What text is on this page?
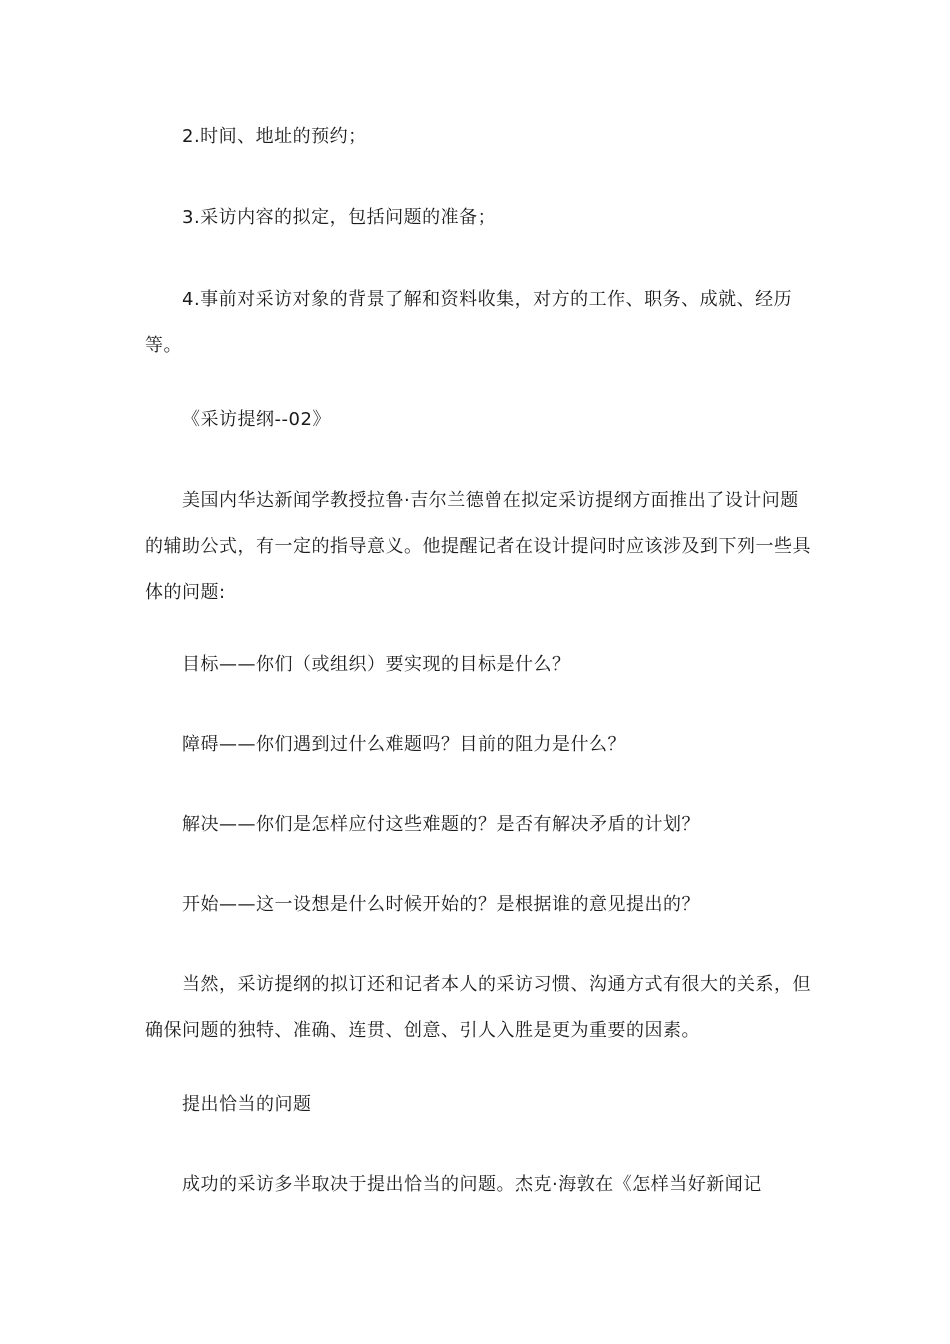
2.时间、地址的预约；

3.采访内容的拟定，包括问题的准备；

4.事前对采访对象的背景了解和资料收集，对方的工作、职务、成就、经历等。

《采访提纲--02》

美国内华达新闻学教授拉鲁·吉尔兰德曾在拟定采访提纲方面推出了设计问题的辅助公式，有一定的指导意义。他提醒记者在设计提问时应该涉及到下列一些具体的问题:

目标——你们（或组织）要实现的目标是什么？

障碍——你们遇到过什么难题吗？目前的阻力是什么？

解决——你们是怎样应付这些难题的？是否有解决矛盾的计划？

开始——这一设想是什么时候开始的？是根据谁的意见提出的？

当然，采访提纲的拟订还和记者本人的采访习惯、沟通方式有很大的关系，但确保问题的独特、准确、连贯、创意、引人入胜是更为重要的因素。

提出恰当的问题

成功的采访多半取决于提出恰当的问题。杰克·海敦在《怎样当好新闻记
